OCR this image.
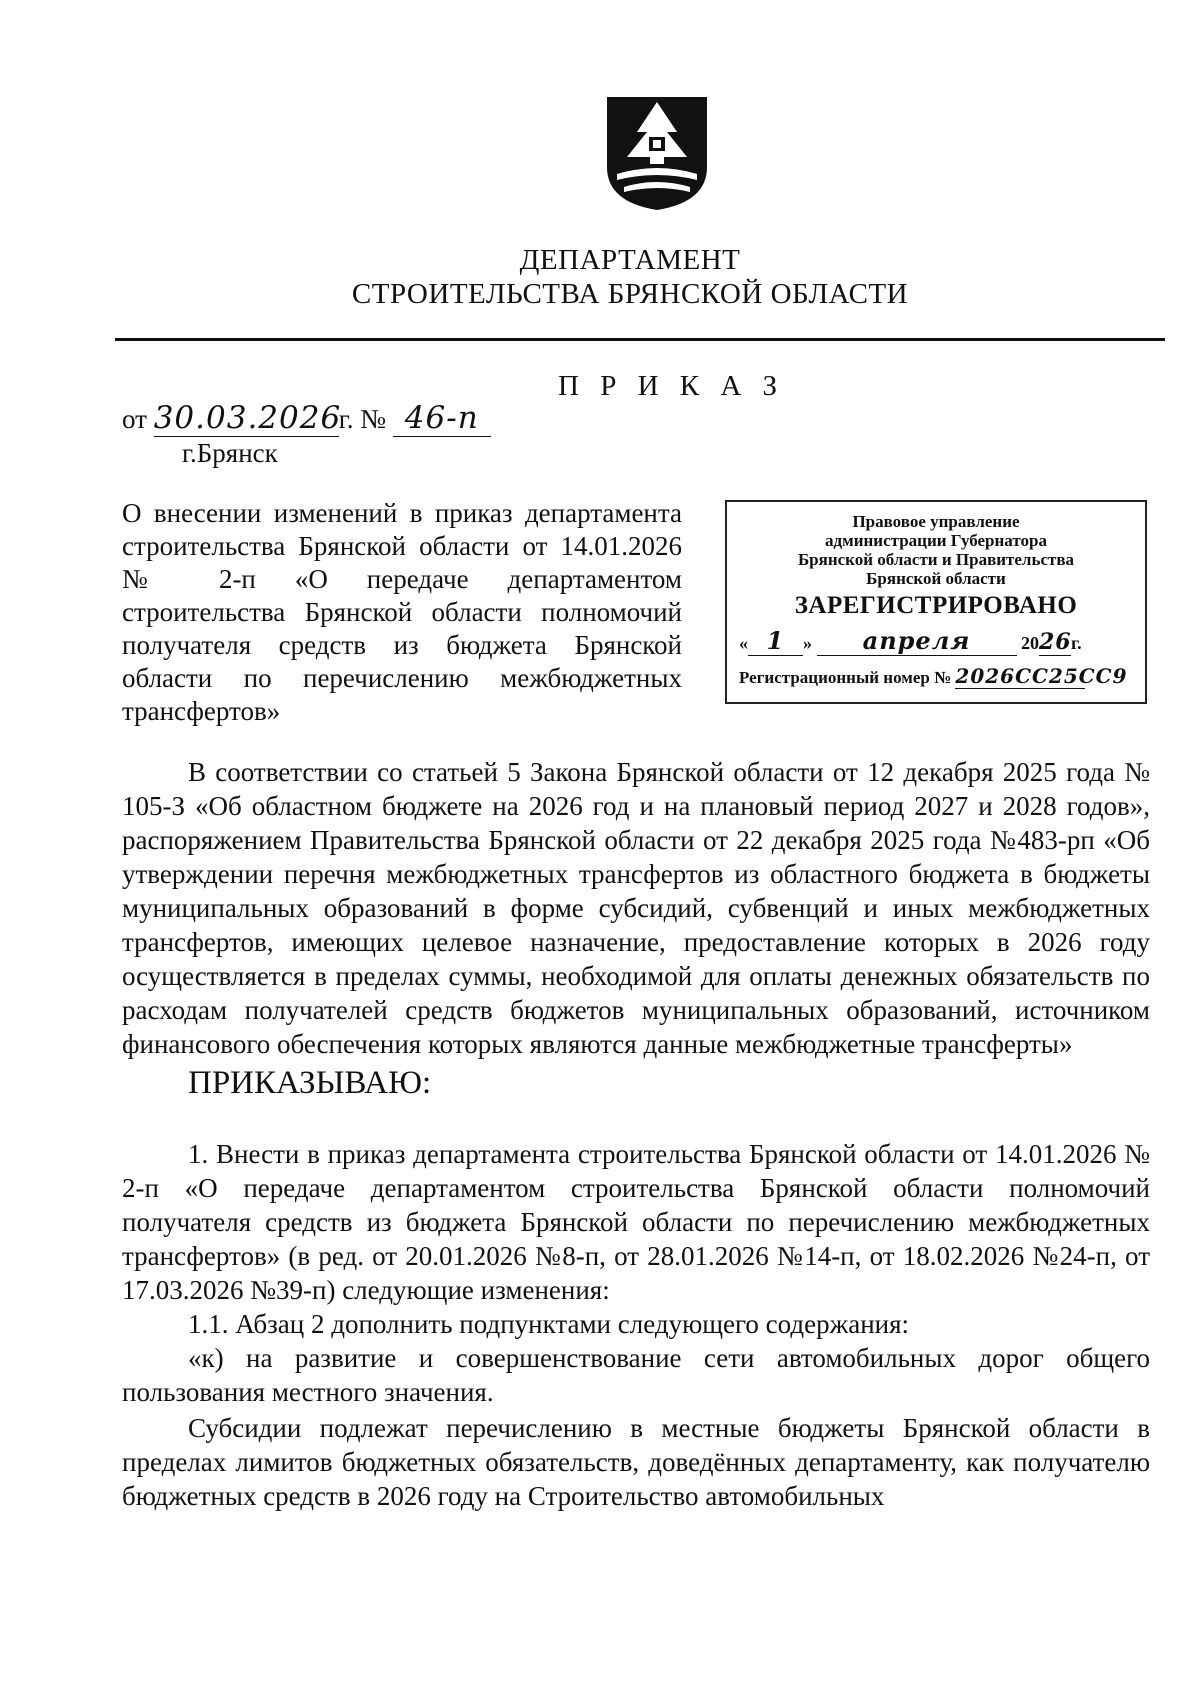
ДЕПАРТАМЕНТ
СТРОИТЕЛЬСТВА БРЯНСКОЙ ОБЛАСТИ
П Р И К А З
от 30.03.2026г. № 46-п
г.Брянск
О внесении изменений в приказ департамента строительства Брянской области от 14.01.2026 № 2-п «О передаче департаментом строительства Брянской области полномочий получателя средств из бюджета Брянской области по перечислению межбюджетных трансфертов»
Правовое управление
администрации Губернатора
Брянской области и Правительства
Брянской области
ЗАРЕГИСТРИРОВАНО
« 1 » апреля	2026г.
Регистрационный номер № 2026СС25СС9

В соответствии со статьей 5 Закона Брянской области от 12 декабря 2025 года № 105-З «Об областном бюджете на 2026 год и на плановый период 2027 и 2028 годов», распоряжением Правительства Брянской области от 22 декабря 2025 года №483-рп «Об утверждении перечня межбюджетных трансфертов из областного бюджета в бюджеты муниципальных образований в форме субсидий, субвенций и иных межбюджетных трансфертов, имеющих целевое назначение, предоставление которых в 2026 году осуществляется в пределах суммы, необходимой для оплаты денежных обязательств по расходам получателей средств бюджетов муниципальных образований, источником финансового обеспечения которых являются данные межбюджетные трансферты»

ПРИКАЗЫВАЮ:

1. Внести в приказ департамента строительства Брянской области от 14.01.2026 № 2-п «О передаче департаментом строительства Брянской области полномочий получателя средств из бюджета Брянской области по перечислению межбюджетных трансфертов» (в ред. от 20.01.2026 №8-п, от 28.01.2026 №14-п, от 18.02.2026 №24-п, от 17.03.2026 №39-п) следующие изменения:

1.1. Абзац 2 дополнить подпунктами следующего содержания:

«к) на развитие и совершенствование сети автомобильных дорог общего пользования местного значения.

Субсидии подлежат перечислению в местные бюджеты Брянской области в пределах лимитов бюджетных обязательств, доведённых департаменту, как получателю бюджетных средств в 2026 году на Строительство автомобильных
